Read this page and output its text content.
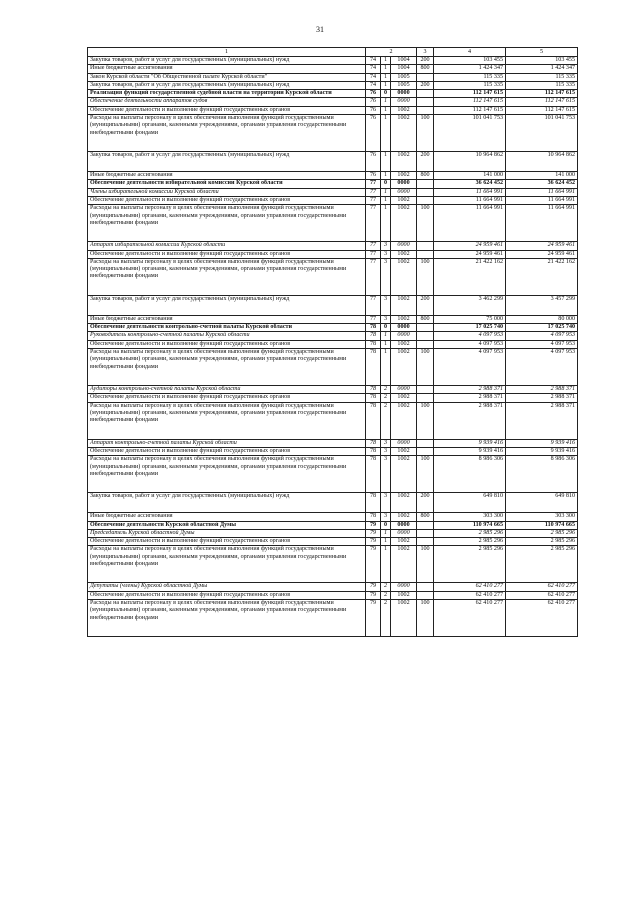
31
1	2			3	4	5
Закупка товаров, работ и услуг для государственных (муниципальных) нужд	74	1	1004	200	103 455	103 455
Иные бюджетные ассигнования	74	1	1004	800	1 424 347	1 424 347
Закон Курской области "Об Общественной палате Курской области"	74	1	1005		115 335	115 335
Закупка товаров, работ и услуг для государственных (муниципальных) нужд	74	1	1005	200	115 335	115 335
Реализация функций государственной судебной власти на территории Курской области	76	0	0000		112 147 615	112 147 615
Обеспечение деятельности аппаратов судов	76	1	0000		112 147 615	112 147 615
Обеспечение деятельности и выполнение функций государственных органов	76	1	1002		112 147 615	112 147 615
Расходы на выплаты персоналу в целях обеспечения выполнения функций государственными (муниципальными) органами, казенными учреждениями, органами управления государственными внебюджетными фондами	76	1	1002	100	101 041 753	101 041 753
Закупка товаров, работ и услуг для государственных (муниципальных) нужд	76	1	1002	200	10 964 862	10 964 862
Иные бюджетные ассигнования	76	1	1002	800	141 000	141 000
Обеспечение деятельности избирательной комиссии Курской области	77	0	0000		36 624 452	36 624 452
Члены избирательной комиссии Курской области	77	1	0000		11 664 991	11 664 991
Обеспечение деятельности и выполнение функций государственных органов	77	1	1002		11 664 991	11 664 991
Расходы на выплаты персоналу в целях обеспечения выполнения функций государственными (муниципальными) органами, казенными учреждениями, органами управления государственными внебюджетными фондами	77	1	1002	100	11 664 991	11 664 991
Аппарат избирательной комиссии Курской области	77	3	0000		24 959 461	24 959 461
Обеспечение деятельности и выполнение функций государственных органов	77	3	1002		24 959 461	24 959 461
Расходы на выплаты персоналу в целях обеспечения выполнения функций государственными (муниципальными) органами, казенными учреждениями, органами управления государственными внебюджетными фондами	77	3	1002	100	21 422 162	21 422 162
Закупка товаров, работ и услуг для государственных (муниципальных) нужд	77	3	1002	200	3 462 299	3 457 299
Иные бюджетные ассигнования	77	3	1002	800	75 000	80 000
Обеспечение деятельности контрольно-счетной палаты Курской области	78	0	0000		17 025 740	17 025 740
Руководитель контрольно-счетной палаты Курской области	78	1	0000		4 097 953	4 097 953
Обеспечение деятельности и выполнение функций государственных органов	78	1	1002		4 097 953	4 097 953
Расходы на выплаты персоналу в целях обеспечения выполнения функций государственными (муниципальными) органами, казенными учреждениями, органами управления государственными внебюджетными фондами	78	1	1002	100	4 097 953	4 097 953
Аудиторы контрольно-счетной палаты Курской области	78	2	0000		2 988 371	2 988 371
Обеспечение деятельности и выполнение функций государственных органов	78	2	1002		2 988 371	2 988 371
Расходы на выплаты персоналу в целях обеспечения выполнения функций государственными (муниципальными) органами, казенными учреждениями, органами управления государственными внебюджетными фондами	78	2	1002	100	2 988 371	2 988 371
Аппарат контрольно-счетной палаты Курской области	78	3	0000		9 939 416	9 939 416
Обеспечение деятельности и выполнение функций государственных органов	78	3	1002		9 939 416	9 939 416
Расходы на выплаты персоналу в целях обеспечения выполнения функций государственными (муниципальными) органами, казенными учреждениями, органами управления государственными внебюджетными фондами	78	3	1002	100	8 986 306	8 986 306
Закупка товаров, работ и услуг для государственных (муниципальных) нужд	78	3	1002	200	649 810	649 810
Иные бюджетные ассигнования	78	3	1002	800	303 300	303 300
Обеспечение деятельности Курской областной Думы	79	0	0000		110 974 665	110 974 665
Председатель Курской областной Думы	79	1	0000		2 985 296	2 985 296
Обеспечение деятельности и выполнение функций государственных органов	79	1	1002		2 985 296	2 985 296
Расходы на выплаты персоналу в целях обеспечения выполнения функций государственными (муниципальными) органами, казенными учреждениями, органами управления государственными внебюджетными фондами	79	1	1002	100	2 985 296	2 985 296
Депутаты (члены) Курской областной Думы	79	2	0000		62 410 277	62 410 277
Обеспечение деятельности и выполнение функций государственных органов	79	2	1002		62 410 277	62 410 277
Расходы на выплаты персоналу в целях обеспечения выполнения функций государственными (муниципальными) органами, казенными учреждениями, органами управления государственными внебюджетными фондами	79	2	1002	100	62 410 277	62 410 277
